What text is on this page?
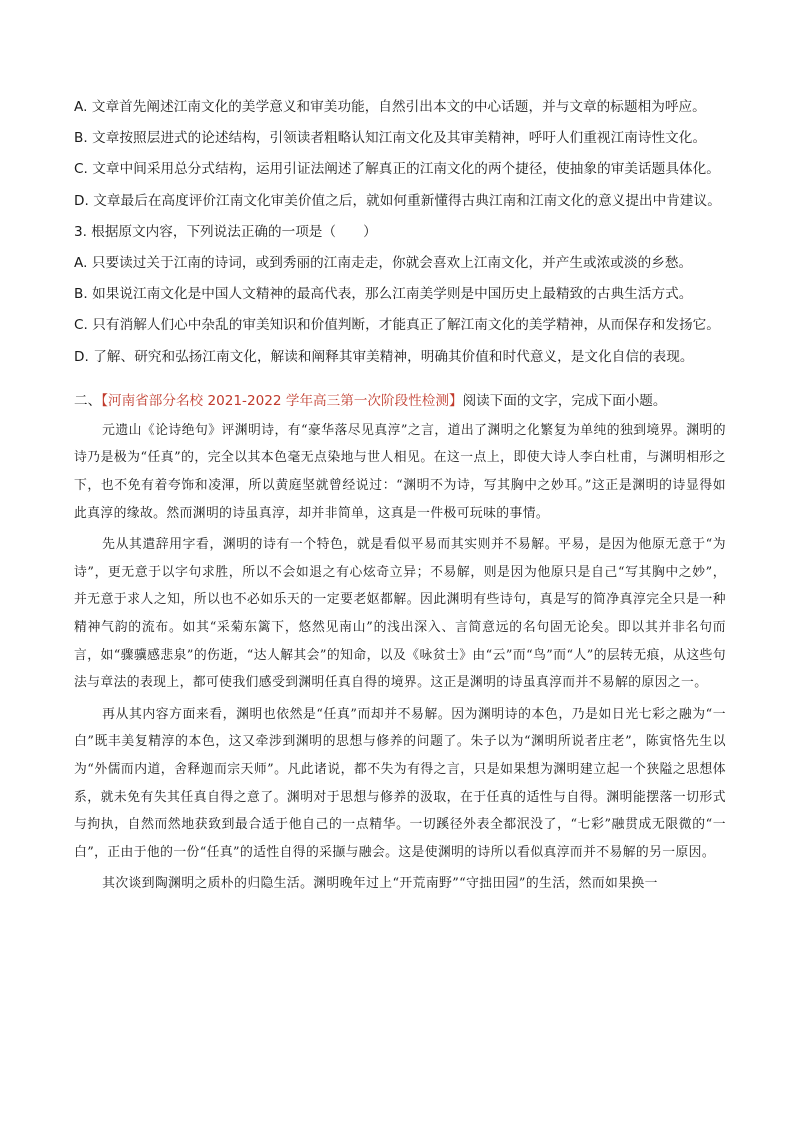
A. 文章首先阐述江南文化的美学意义和审美功能，自然引出本文的中心话题，并与文章的标题相为呼应。
B. 文章按照层进式的论述结构，引领读者粗略认知江南文化及其审美精神，呼吁人们重视江南诗性文化。
C. 文章中间采用总分式结构，运用引证法阐述了解真正的江南文化的两个捷径，使抽象的审美话题具体化。
D. 文章最后在高度评价江南文化审美价值之后，就如何重新懂得古典江南和江南文化的意义提出中肯建议。
3. 根据原文内容，下列说法正确的一项是（　　）
A. 只要读过关于江南的诗词，或到秀丽的江南走走，你就会喜欢上江南文化，并产生或浓或淡的乡愁。
B. 如果说江南文化是中国人文精神的最高代表，那么江南美学则是中国历史上最精致的古典生活方式。
C. 只有消解人们心中杂乱的审美知识和价值判断，才能真正了解江南文化的美学精神，从而保存和发扬它。
D. 了解、研究和弘扬江南文化，解读和阐释其审美精神，明确其价值和时代意义，是文化自信的表现。
二、【河南省部分名校 2021-2022 学年高三第一次阶段性检测】阅读下面的文字，完成下面小题。

元遗山《论诗绝句》评渊明诗，有“豪华落尽见真淳”之言，道出了渊明之化繁复为单纯的独到境界。渊明的诗乃是极为“任真”的，完全以其本色毫无点染地与世人相见。在这一点上，即使大诗人李白杜甫，与渊明相形之下，也不免有着夸饰和凌渾，所以黄庭坚就曾经说过：“渊明不为诗，写其胸中之妙耳。”这正是渊明的诗显得如此真淳的缘故。然而渊明的诗虽真淳，却并非简单，这真是一件极可玩味的事情。

先从其遣辞用字看，渊明的诗有一个特色，就是看似平易而其实则并不易解。平易，是因为他原无意于“为诗”，更无意于以字句求胜，所以不会如退之有心炫奇立异；不易解，则是因为他原只是自己“写其胸中之妙”，并无意于求人之知，所以也不必如乐天的一定要老妪都解。因此渊明有些诗句，真是写的简净真淳完全只是一种精神气韵的流布。如其“采菊东篱下，悠然见南山”的浅出深入、言简意远的名句固无论矣。即以其并非名句而言，如“骤骥感悲泉”的伤逝，“达人解其会”的知命，以及《咏贫士》由“云”而“鸟”而“人”的层转无痕，从这些句法与章法的表现上，都可使我们感受到渊明任真自得的境界。这正是渊明的诗虽真淳而并不易解的原因之一。

再从其内容方面来看，渊明也依然是“任真”而却并不易解。因为渊明诗的本色，乃是如日光七彩之融为“一白”既丰美复精淳的本色，这又牵涉到渊明的思想与修养的问题了。朱子以为“渊明所说者庄老”，陈寅恪先生以为“外儒而内道，舍释迦而宗天师”。凡此诸说，都不失为有得之言，只是如果想为渊明建立起一个狭隘之思想体系，就未免有失其任真自得之意了。渊明对于思想与修养的汲取，在于任真的适性与自得。渊明能摆落一切形式与拘执，自然而然地获致到最合适于他自己的一点精华。一切蹊径外表全都泯没了，“七彩”融贯成无限微的“一白”，正由于他的一份“任真”的适性自得的采撷与融会。这是使渊明的诗所以看似真淳而并不易解的另一原因。

其次谈到陶渊明之质朴的归隐生活。渊明晚年过上“开荒南野”“守拙田园”的生活，然而如果换一
